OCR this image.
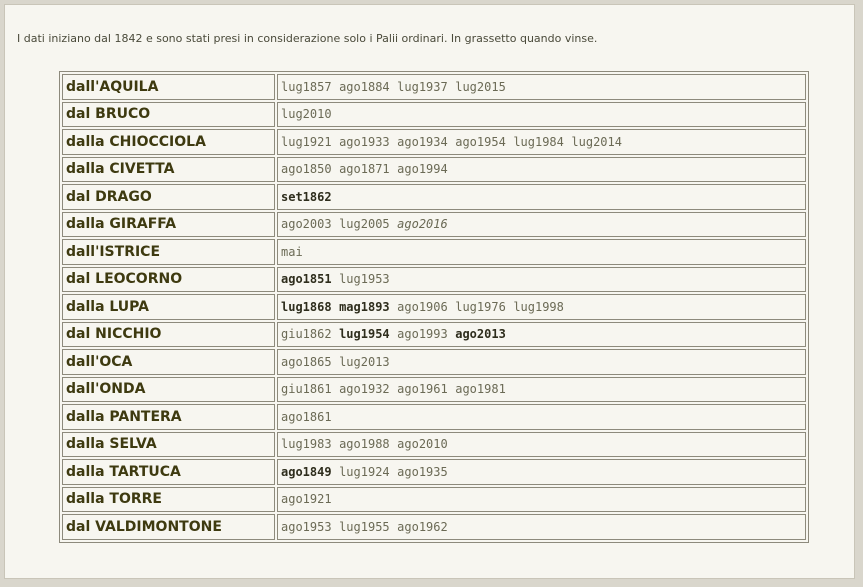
I dati iniziano dal 1842 e sono stati presi in considerazione solo i Palii ordinari. In grassetto quando vinse.
dall'AQUILA	lug1857 ago1884 lug1937 lug2015
dal BRUCO	lug2010
dalla CHIOCCIOLA	lug1921 ago1933 ago1934 ago1954 lug1984 lug2014
dalla CIVETTA	ago1850 ago1871 ago1994
dal DRAGO	set1862
dalla GIRAFFA	ago2003 lug2005 ago2016
dall'ISTRICE	mai
dal LEOCORNO	ago1851 lug1953
dalla LUPA	lug1868 mag1893 ago1906 lug1976 lug1998
dal NICCHIO	giu1862 lug1954 ago1993 ago2013
dall'OCA	ago1865 lug2013
dall'ONDA	giu1861 ago1932 ago1961 ago1981
dalla PANTERA	ago1861
dalla SELVA	lug1983 ago1988 ago2010
dalla TARTUCA	ago1849 lug1924 ago1935
dalla TORRE	ago1921
dal VALDIMONTONE	ago1953 lug1955 ago1962
